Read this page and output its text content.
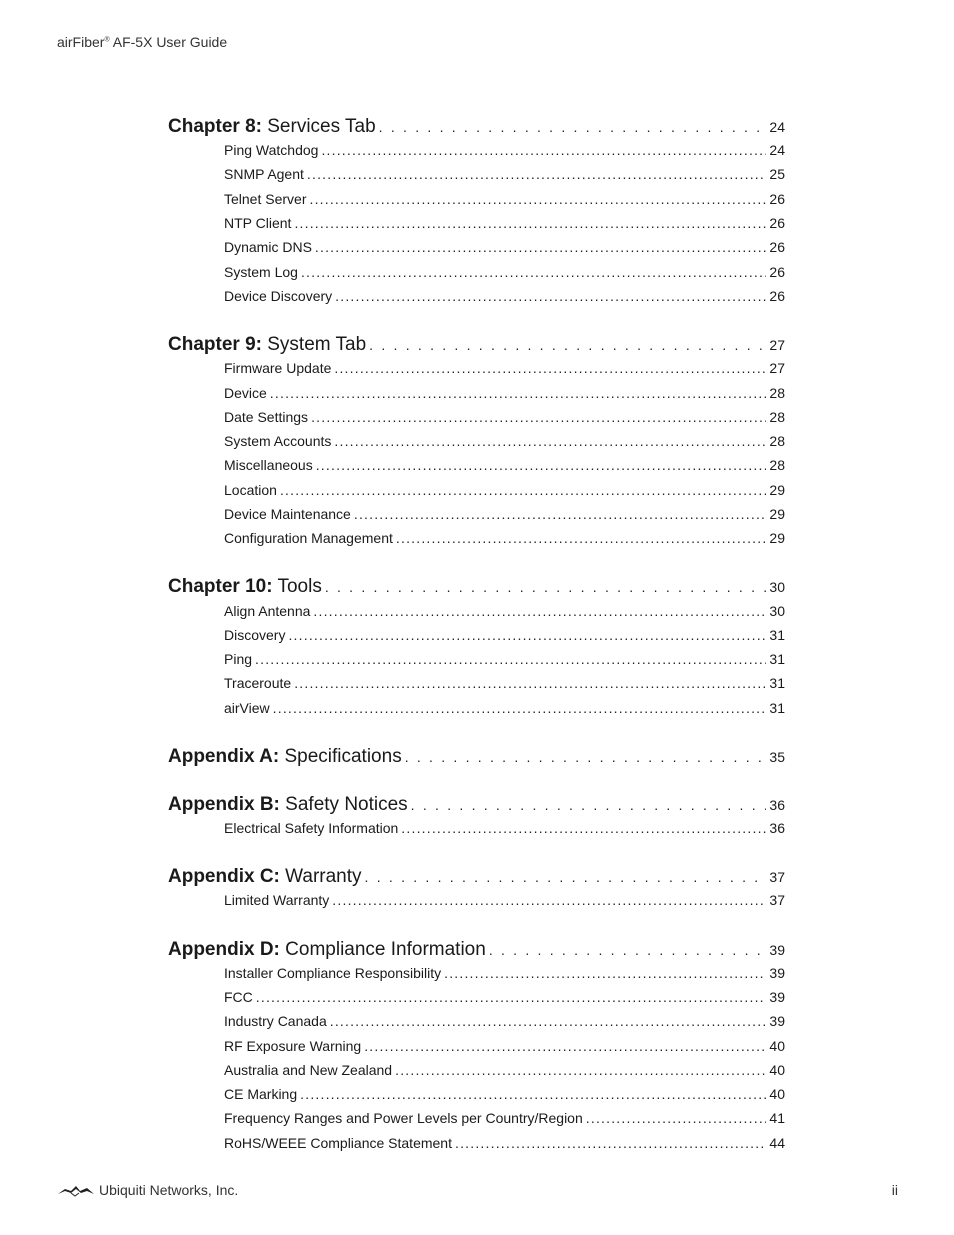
airFiber® AF-5X User Guide
Chapter 8: Services Tab . . .	24
Ping Watchdog .....	24
SNMP Agent .....	25
Telnet Server .....	26
NTP Client .....	26
Dynamic DNS .....	26
System Log .....	26
Device Discovery .....	26
Chapter 9: System Tab . . .	27
Firmware Update .....	27
Device .....	28
Date Settings .....	28
System Accounts .....	28
Miscellaneous .....	28
Location .....	29
Device Maintenance .....	29
Configuration Management .....	29
Chapter 10: Tools . . .	30
Align Antenna .....	30
Discovery .....	31
Ping .....	31
Traceroute .....	31
airView .....	31
Appendix A: Specifications . . .	35
Appendix B: Safety Notices . . .	36
Electrical Safety Information .....	36
Appendix C: Warranty . . .	37
Limited Warranty .....	37
Appendix D: Compliance Information . . .	39
Installer Compliance Responsibility .....	39
FCC .....	39
Industry Canada .....	39
RF Exposure Warning .....	40
Australia and New Zealand .....	40
CE Marking .....	40
Frequency Ranges and Power Levels per Country/Region .....	41
RoHS/WEEE Compliance Statement .....	44
Ubiquiti Networks, Inc.	ii
